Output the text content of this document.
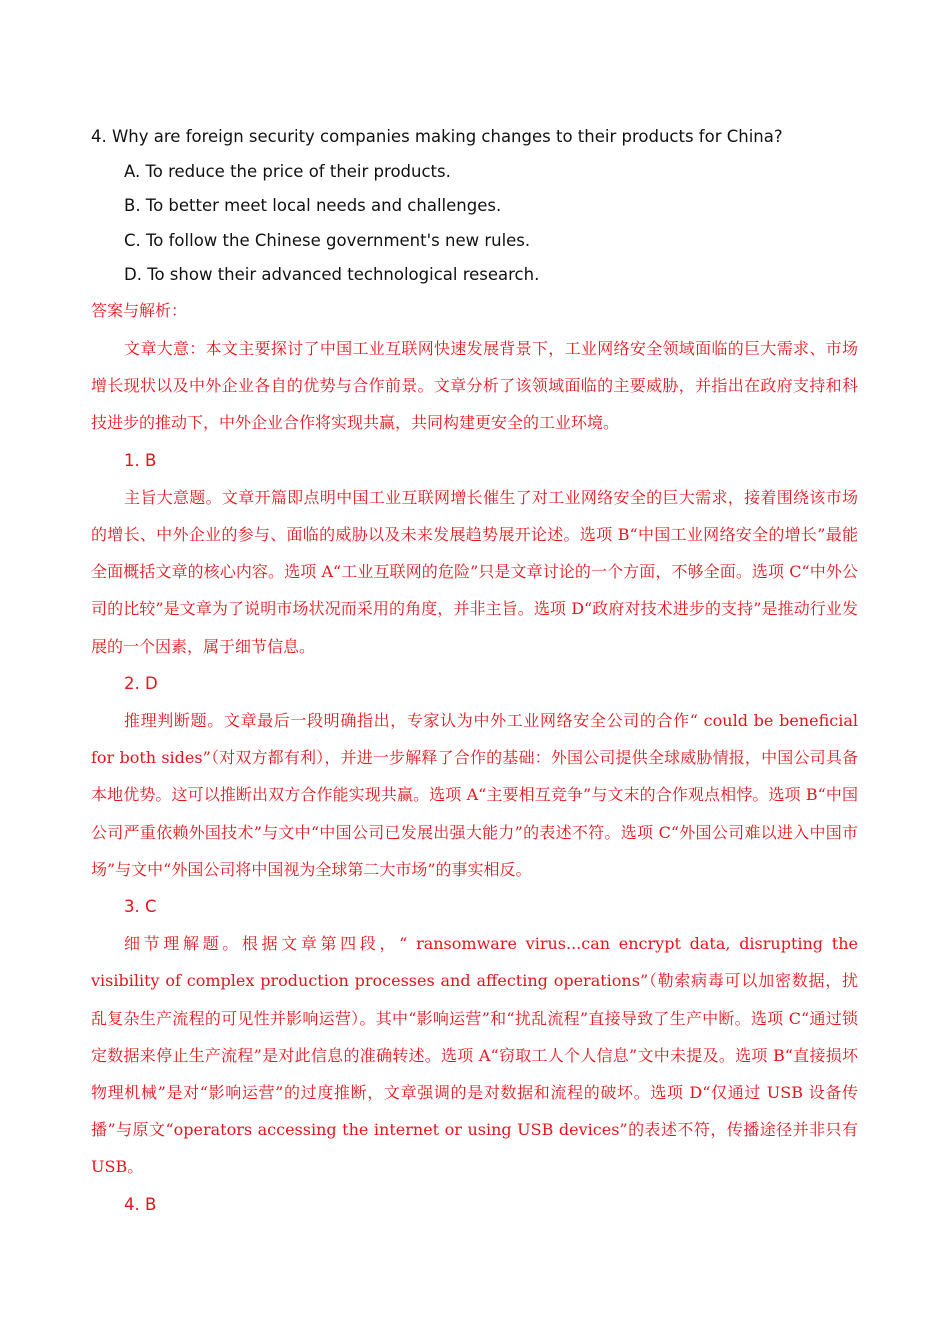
4. Why are foreign security companies making changes to their products for China?
A. To reduce the price of their products.
B. To better meet local needs and challenges.
C. To follow the Chinese government's new rules.
D. To show their advanced technological research.
答案与解析：
文章大意：本文主要探讨了中国工业互联网快速发展背景下，工业网络安全领域面临的巨大需求、市场增长现状以及中外企业各自的优势与合作前景。文章分析了该领域面临的主要威胁，并指出在政府支持和科技进步的推动下，中外企业合作将实现共赢，共同构建更安全的工业环境。
1. B
主旨大意题。文章开篇即点明中国工业互联网增长催生了对工业网络安全的巨大需求，接着围绕该市场的增长、中外企业的参与、面临的威胁以及未来发展趋势展开论述。选项 B“中国工业网络安全的增长”最能全面概括文章的核心内容。选项 A“工业互联网的危险”只是文章讨论的一个方面，不够全面。选项 C“中外公司的比较”是文章为了说明市场状况而采用的角度，并非主旨。选项 D“政府对技术进步的支持”是推动行业发展的一个因素，属于细节信息。
2. D
推理判断题。文章最后一段明确指出，专家认为中外工业网络安全公司的合作“ could be beneficial for both sides”（对双方都有利），并进一步解释了合作的基础：外国公司提供全球威胁情报，中国公司具备本地优势。这可以推断出双方合作能实现共赢。选项 A“主要相互竞争”与文末的合作观点相悖。选项 B“中国公司严重依赖外国技术”与文中“中国公司已发展出强大能力”的表述不符。选项 C“外国公司难以进入中国市场”与文中“外国公司将中国视为全球第二大市场”的事实相反。
3. C
细节理解题。根据文章第四段，“ ransomware virus...can encrypt data, disrupting the visibility of complex production processes and affecting operations”（勒索病毒可以加密数据，扰乱复杂生产流程的可见性并影响运营）。其中“影响运营”和“扰乱流程”直接导致了生产中断。选项 C“通过锁定数据来停止生产流程”是对此信息的准确转述。选项 A“窃取工人个人信息”文中未提及。选项 B“直接损坏物理机械”是对“影响运营”的过度推断，文章强调的是对数据和流程的破坏。选项 D“仅通过 USB 设备传播”与原文“operators accessing the internet or using USB devices”的表述不符，传播途径并非只有 USB。
4. B
